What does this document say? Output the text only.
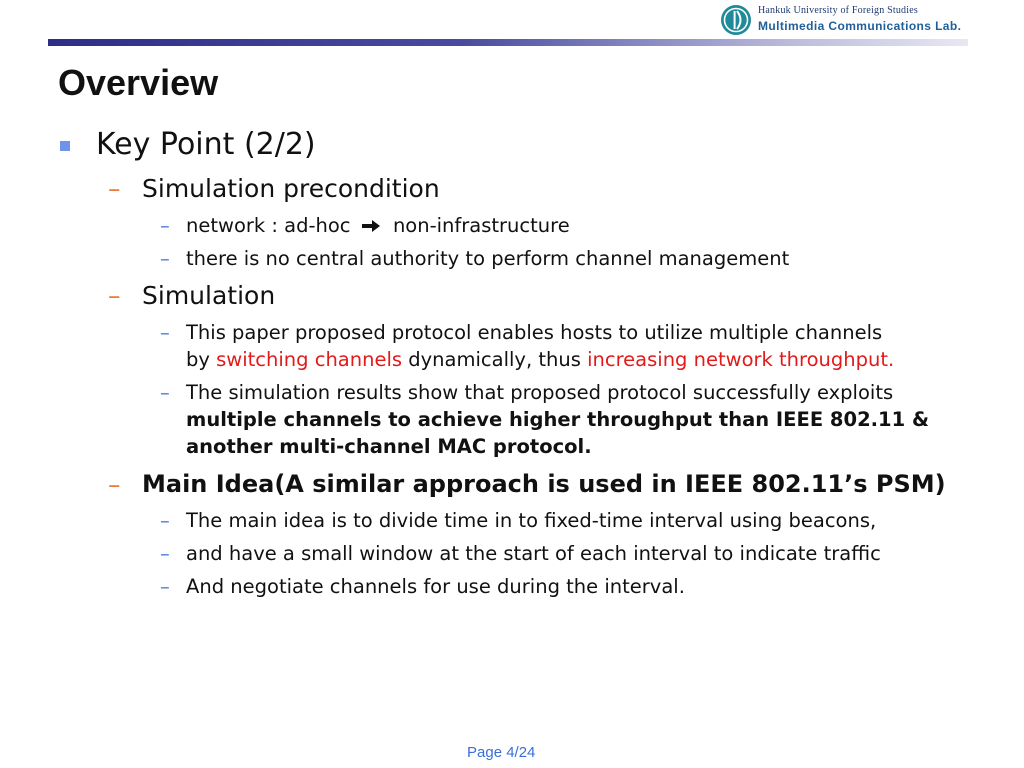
Hankuk University of Foreign Studies
Multimedia Communications Lab.
Overview
Key Point (2/2)
– Simulation precondition
– network : ad-hoc non-infrastructure
– there is no central authority to perform channel management
– Simulation
– This paper proposed protocol enables hosts to utilize multiple channels
by switching channels dynamically, thus increasing network throughput.
– The simulation results show that proposed protocol successfully exploits
multiple channels to achieve higher throughput than IEEE 802.11 &
another multi-channel MAC protocol.
– Main Idea(A similar approach is used in IEEE 802.11’s PSM)
– The main idea is to divide time in to fixed-time interval using beacons,
– and have a small window at the start of each interval to indicate traffic
– And negotiate channels for use during the interval.
Page 4/24
